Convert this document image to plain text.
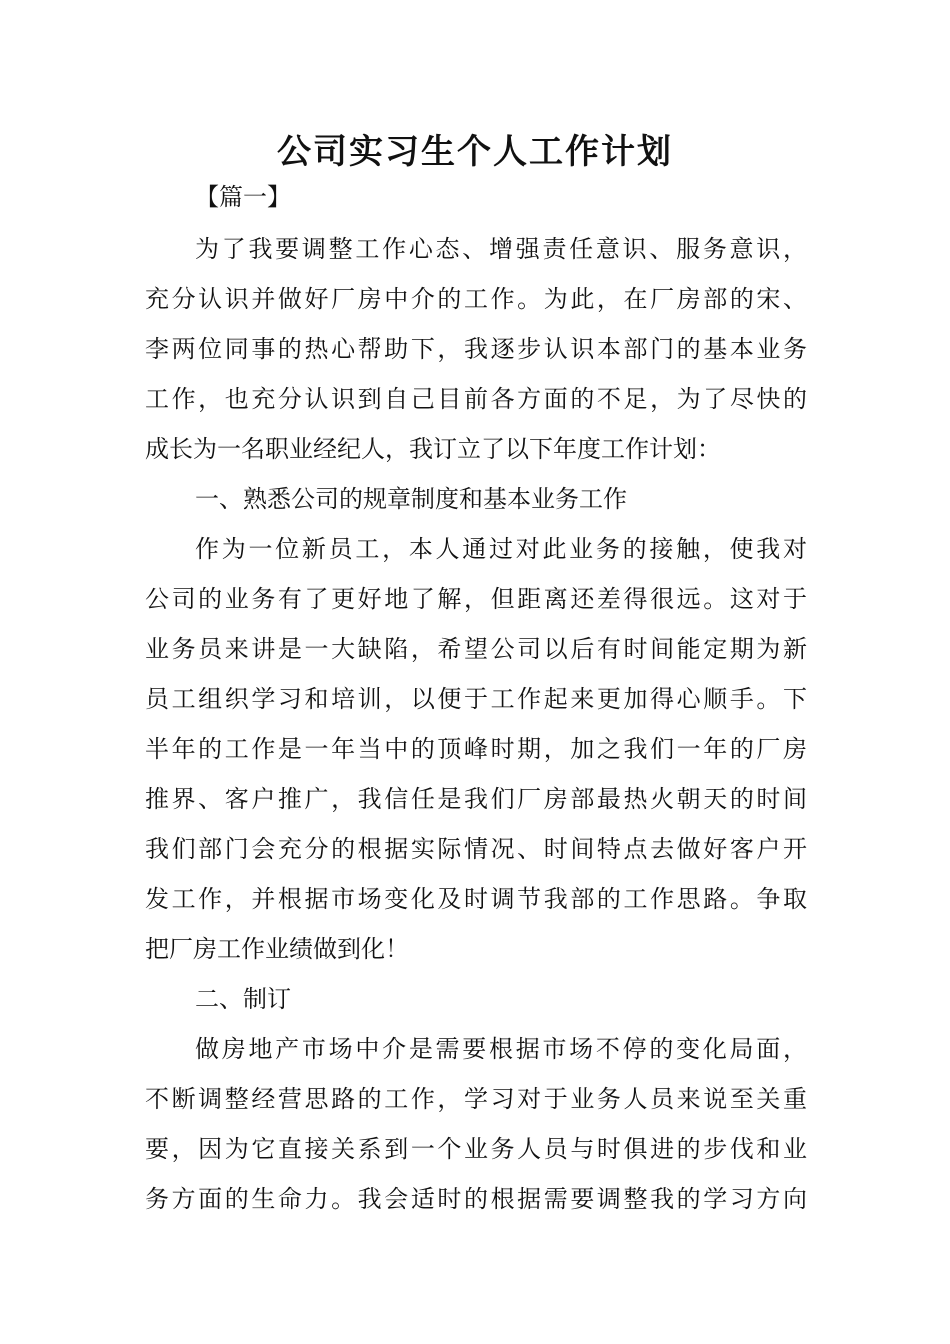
公司实习生个人工作计划
【篇一】
为了我要调整工作心态、增强责任意识、服务意识，
充分认识并做好厂房中介的工作。为此，在厂房部的宋、
李两位同事的热心帮助下，我逐步认识本部门的基本业务
工作，也充分认识到自己目前各方面的不足，为了尽快的
成长为一名职业经纪人，我订立了以下年度工作计划：
一、熟悉公司的规章制度和基本业务工作
作为一位新员工，本人通过对此业务的接触，使我对
公司的业务有了更好地了解，但距离还差得很远。这对于
业务员来讲是一大缺陷，希望公司以后有时间能定期为新
员工组织学习和培训，以便于工作起来更加得心顺手。下
半年的工作是一年当中的顶峰时期，加之我们一年的厂房
推界、客户推广，我信任是我们厂房部最热火朝天的时间
我们部门会充分的根据实际情况、时间特点去做好客户开
发工作，并根据市场变化及时调节我部的工作思路。争取
把厂房工作业绩做到化！
二、制订
做房地产市场中介是需要根据市场不停的变化局面，
不断调整经营思路的工作，学习对于业务人员来说至关重
要，因为它直接关系到一个业务人员与时俱进的步伐和业
务方面的生命力。我会适时的根据需要调整我的学习方向
